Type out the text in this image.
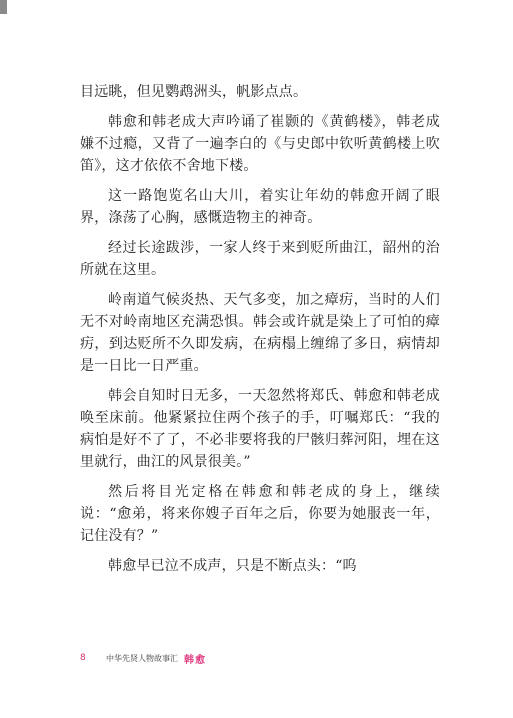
目远眺，但见鹦鹉洲头，帆影点点。

韩愈和韩老成大声吟诵了崔颢的《黄鹤楼》，韩老成嫌不过瘾，又背了一遍李白的《与史郎中钦听黄鹤楼上吹笛》，这才依依不舍地下楼。

这一路饱览名山大川，着实让年幼的韩愈开阔了眼界，涤荡了心胸，感慨造物主的神奇。

经过长途跋涉，一家人终于来到贬所曲江，韶州的治所就在这里。

岭南道气候炎热、天气多变，加之瘴疠，当时的人们无不对岭南地区充满恐惧。韩会或许就是染上了可怕的瘴疠，到达贬所不久即发病，在病榻上缠绵了多日，病情却是一日比一日严重。

韩会自知时日无多，一天忽然将郑氏、韩愈和韩老成唤至床前。他紧紧拉住两个孩子的手，叮嘱郑氏：“我的病怕是好不了了，不必非要将我的尸骸归葬河阳，埋在这里就行，曲江的风景很美。”

然后将目光定格在韩愈和韩老成的身上，继续说：“愈弟，将来你嫂子百年之后，你要为她服丧一年，记住没有？”

韩愈早已泣不成声，只是不断点头：“呜

8	中华先贤人物故事汇 韩愈
